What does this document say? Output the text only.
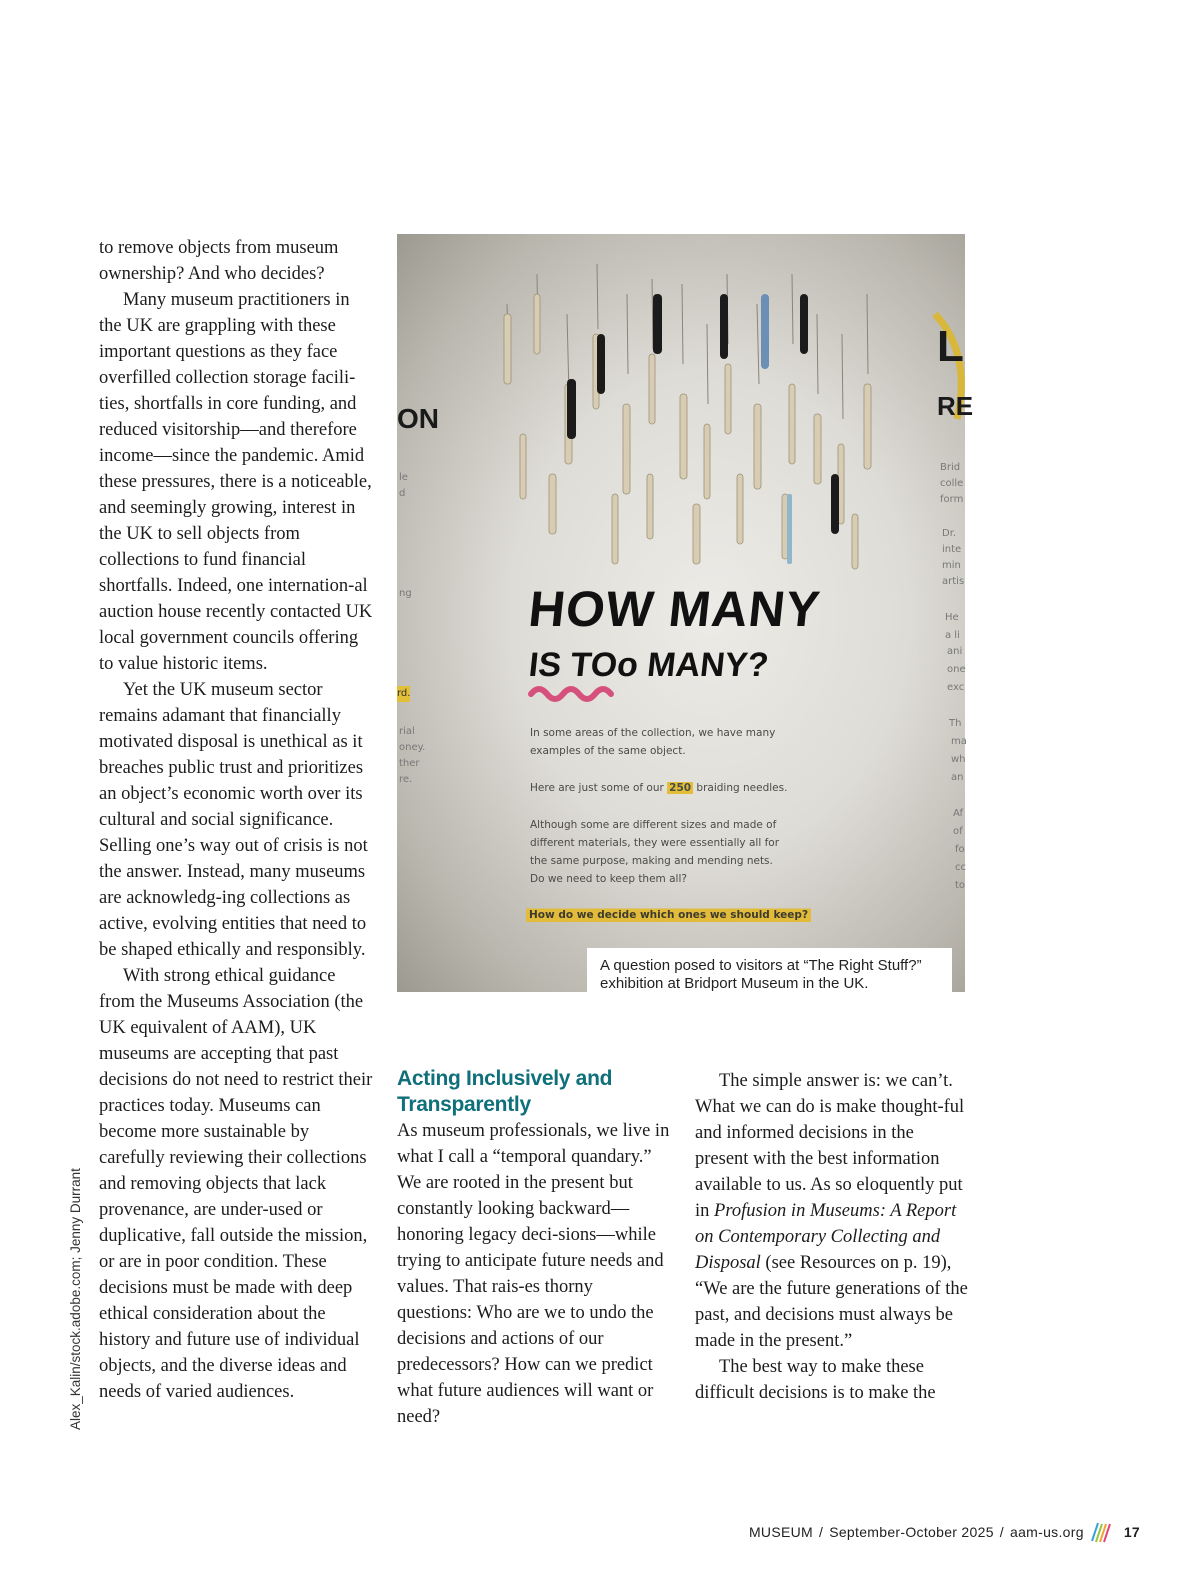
to remove objects from museum ownership? And who decides?

Many museum practitioners in the UK are grappling with these important questions as they face overfilled collection storage facili-ties, shortfalls in core funding, and reduced visitorship—and therefore income—since the pandemic. Amid these pressures, there is a noticeable, and seemingly growing, interest in the UK to sell objects from collections to fund financial shortfalls. Indeed, one internation-al auction house recently contacted UK local government councils offering to value historic items.

Yet the UK museum sector remains adamant that financially motivated disposal is unethical as it breaches public trust and prioritizes an object’s economic worth over its cultural and social significance. Selling one’s way out of crisis is not the answer. Instead, many museums are acknowledg-ing collections as active, evolving entities that need to be shaped ethically and responsibly.

With strong ethical guidance from the Museums Association (the UK equivalent of AAM), UK museums are accepting that past decisions do not need to restrict their practices today. Museums can become more sustainable by carefully reviewing their collections and removing objects that lack provenance, are under-used or duplicative, fall outside the mission, or are in poor condition. These decisions must be made with deep ethical consideration about the history and future use of individual objects, and the diverse ideas and needs of varied audiences.

ON
le
d
ng
rd.
rial
oney.
ther
re.
L
RE
Brid
colle
form
Dr.
inte
min
artis
He
a li
ani
one
exc
Th
ma
wh
an
Af
of
fo
cc
to
HOW MANY
IS TOo MANY?
In some areas of the collection, we have many examples of the same object.
Here are just some of our 250 braiding needles.
Although some are different sizes and made of different materials, they were essentially all for the same purpose, making and mending nets. Do we need to keep them all?
How do we decide which ones we should keep?
A question posed to visitors at “The Right Stuff?” exhibition at Bridport Museum in the UK.
Acting Inclusively and
Transparently

As museum professionals, we live in what I call a “temporal quandary.” We are rooted in the present but constantly looking backward—honoring legacy deci-sions—while trying to anticipate future needs and values. That rais-es thorny questions: Who are we to undo the decisions and actions of our predecessors? How can we predict what future audiences will want or need?

The simple answer is: we can’t. What we can do is make thought-ful and informed decisions in the present with the best information available to us. As so eloquently put in Profusion in Museums: A Report on Contemporary Collecting and Disposal (see Resources on p. 19), “We are the future generations of the past, and decisions must always be made in the present.”

The best way to make these difficult decisions is to make the

Alex_Kalin/stock.adobe.com; Jenny Durrant
MUSEUM / September-October 2025 / aam-us.org	17
